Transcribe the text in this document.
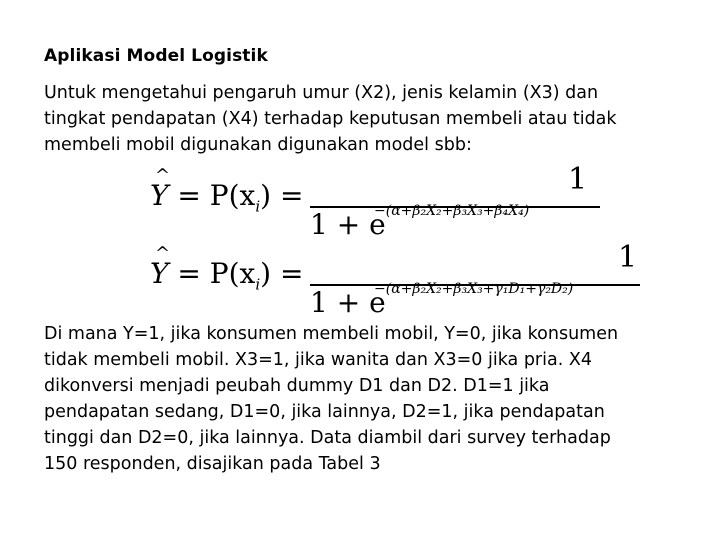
Aplikasi Model Logistik
Untuk mengetahui pengaruh umur (X2), jenis kelamin (X3) dan
tingkat pendapatan (X4) terhadap keputusan membeli atau tidak
membeli mobil digunakan digunakan model sbb:
^ $Y = P(x_i)$ =	1
1 + e
−(α+β₂X₂+β₃X₃+β₄X₄)
^ $Y = P(x_i)$ =	1
1 + e
−(α+β₂X₂+β₃X₃+γ₁D₁+γ₂D₂)
Di mana Y=1, jika konsumen membeli mobil, Y=0, jika konsumen
tidak membeli mobil. X3=1, jika wanita dan X3=0 jika pria. X4
dikonversi menjadi peubah dummy D1 dan D2. D1=1 jika
pendapatan sedang, D1=0, jika lainnya, D2=1, jika pendapatan
tinggi dan D2=0, jika lainnya. Data diambil dari survey terhadap
150 responden, disajikan pada Tabel 3
